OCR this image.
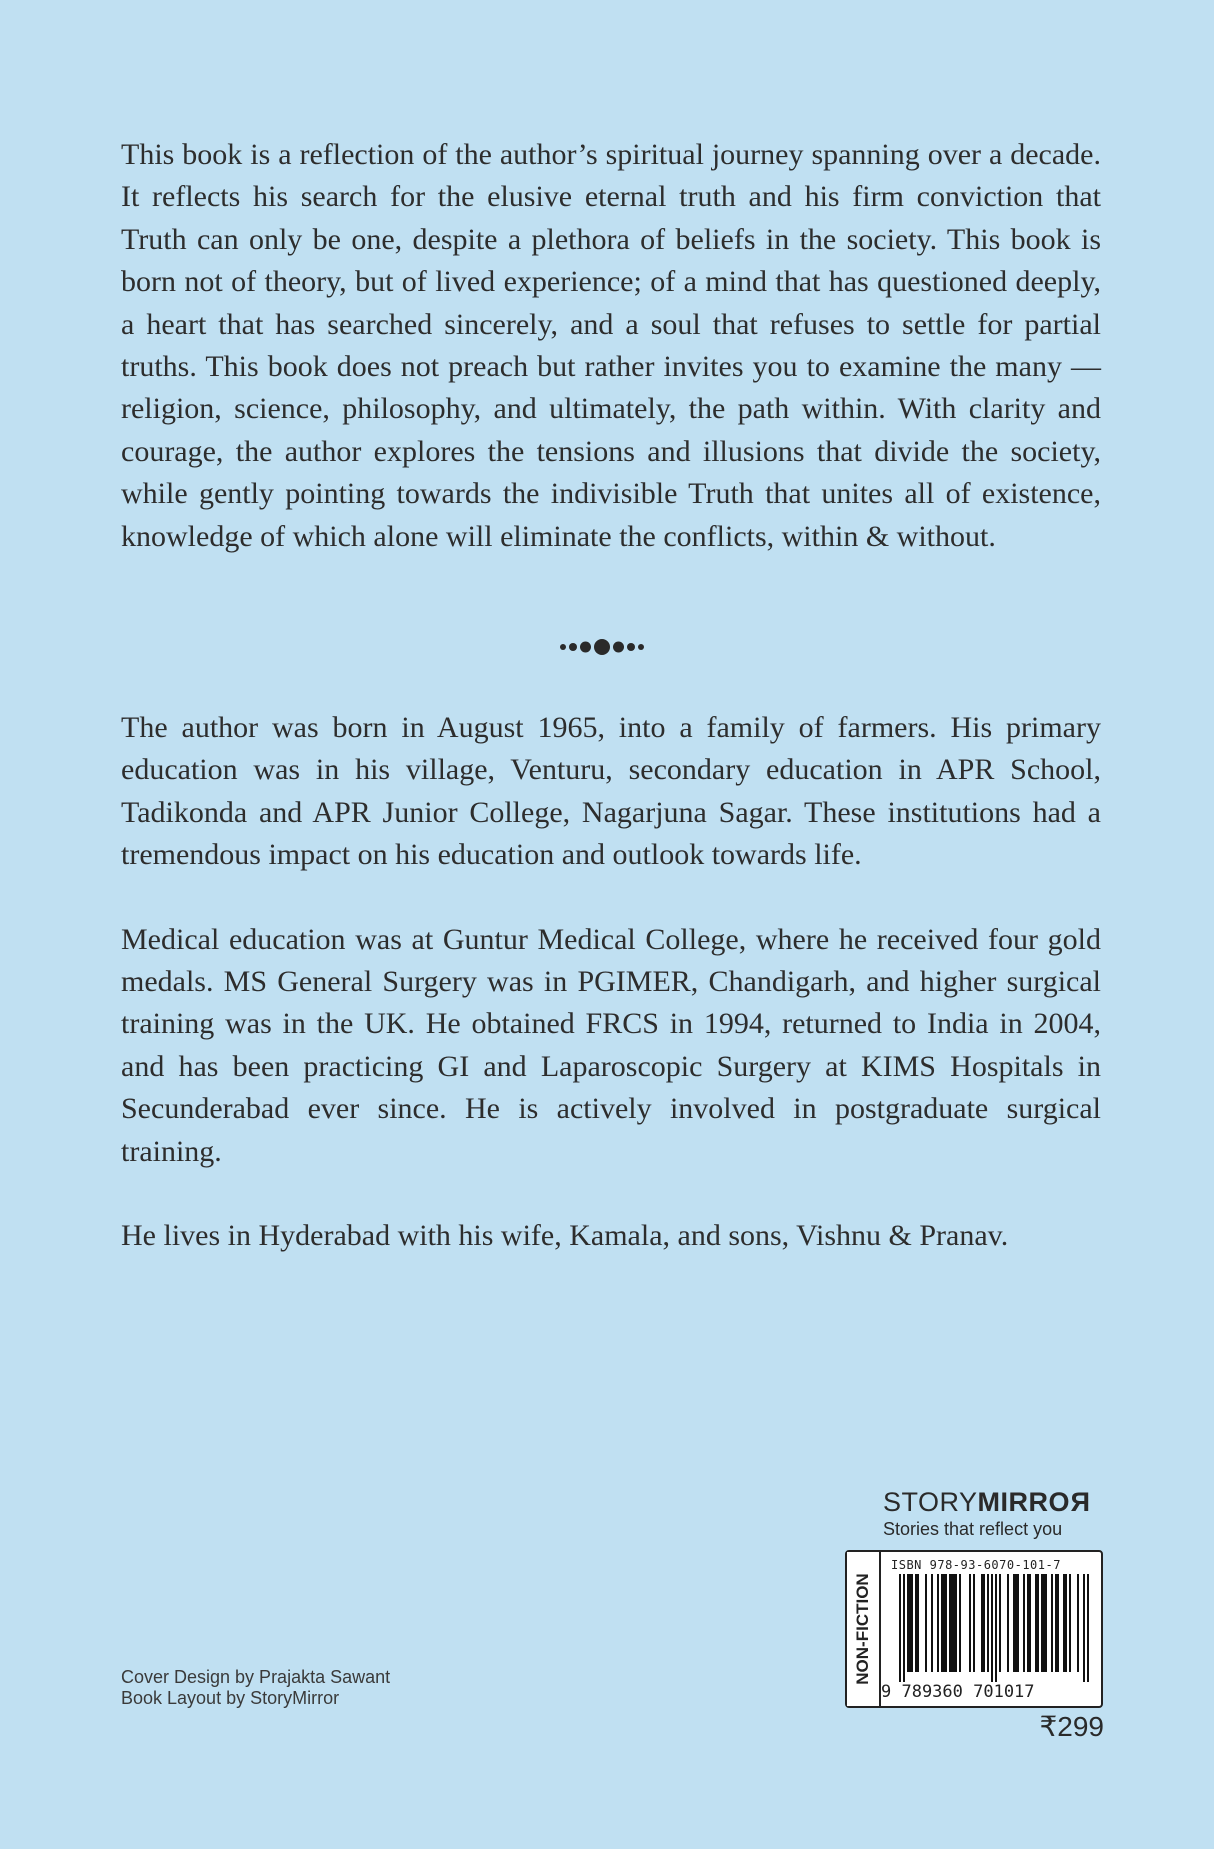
This book is a reflection of the author’s spiritual journey spanning over a decade. It reflects his search for the elusive eternal truth and his firm conviction that Truth can only be one, despite a plethora of beliefs in the society. This book is born not of theory, but of lived experience; of a mind that has questioned deeply, a heart that has searched sincerely, and a soul that refuses to settle for partial truths. This book does not preach but rather invites you to examine the many — religion, science, philosophy, and ultimately, the path within. With clarity and courage, the author explores the tensions and illusions that divide the society, while gently pointing towards the indivisible Truth that unites all of existence, knowledge of which alone will eliminate the conflicts, within & without.

The author was born in August 1965, into a family of farmers. His primary education was in his village, Venturu, secondary education in APR School, Tadikonda and APR Junior College, Nagarjuna Sagar. These institutions had a tremendous impact on his education and outlook towards life.

Medical education was at Guntur Medical College, where he received four gold medals. MS General Surgery was in PGIMER, Chandigarh, and higher surgical training was in the UK. He obtained FRCS in 1994, returned to India in 2004, and has been practicing GI and Laparoscopic Surgery at KIMS Hospitals in Secunderabad ever since. He is actively involved in postgraduate surgical training.

He lives in Hyderabad with his wife, Kamala, and sons, Vishnu & Pranav.

Cover Design by Prajakta Sawant
Book Layout by StoryMirror
STORYMIRROR
Stories that reflect you
NON-FICTION
ISBN 978-93-6070-101-7
9 789360 701017
₹299
